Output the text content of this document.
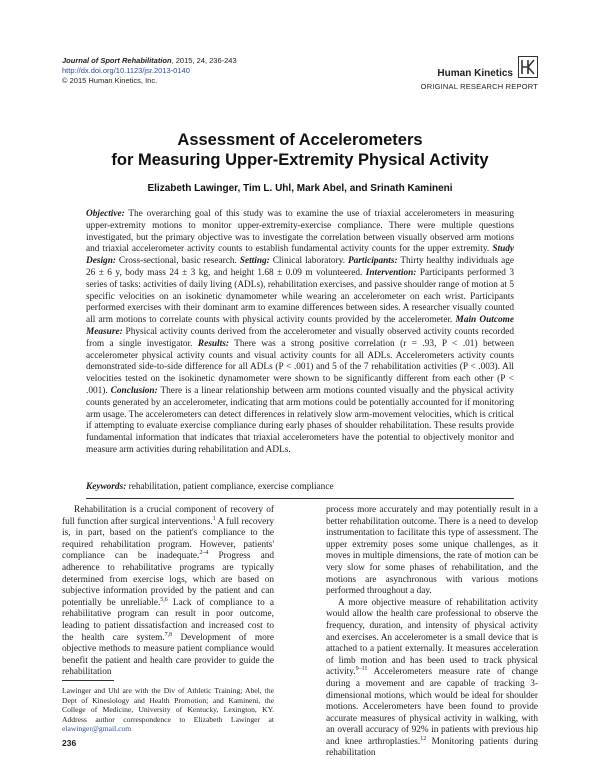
Journal of Sport Rehabilitation, 2015, 24, 236-243
http://dx.doi.org/10.1123/jsr.2013-0140
© 2015 Human Kinetics, Inc.
Human Kinetics
ORIGINAL RESEARCH REPORT
Assessment of Accelerometers
for Measuring Upper-Extremity Physical Activity
Elizabeth Lawinger, Tim L. Uhl, Mark Abel, and Srinath Kamineni
Objective: The overarching goal of this study was to examine the use of triaxial accelerometers in measuring upper-extremity motions to monitor upper-extremity-exercise compliance. There were multiple questions investigated, but the primary objective was to investigate the correlation between visually observed arm motions and triaxial accelerometer activity counts to establish fundamental activity counts for the upper extremity. Study Design: Cross-sectional, basic research. Setting: Clinical laboratory. Participants: Thirty healthy individuals age 26 ± 6 y, body mass 24 ± 3 kg, and height 1.68 ± 0.09 m volunteered. Intervention: Participants performed 3 series of tasks: activities of daily living (ADLs), rehabilitation exercises, and passive shoulder range of motion at 5 specific velocities on an isokinetic dynamometer while wearing an accelerometer on each wrist. Participants performed exercises with their dominant arm to examine differences between sides. A researcher visually counted all arm motions to correlate counts with physical activity counts provided by the accelerometer. Main Outcome Measure: Physical activity counts derived from the accelerometer and visually observed activity counts recorded from a single investigator. Results: There was a strong positive correlation (r = .93, P < .01) between accelerometer physical activity counts and visual activity counts for all ADLs. Accelerometers activity counts demonstrated side-to-side difference for all ADLs (P < .001) and 5 of the 7 rehabilitation activities (P < .003). All velocities tested on the isokinetic dynamometer were shown to be significantly different from each other (P < .001). Conclusion: There is a linear relationship between arm motions counted visually and the physical activity counts generated by an accelerometer, indicating that arm motions could be potentially accounted for if monitoring arm usage. The accelerometers can detect differences in relatively slow arm-movement velocities, which is critical if attempting to evaluate exercise compliance during early phases of shoulder rehabilitation. These results provide fundamental information that indicates that triaxial accelerometers have the potential to objectively monitor and measure arm activities during rehabilitation and ADLs.
Keywords: rehabilitation, patient compliance, exercise compliance

Rehabilitation is a crucial component of recovery of full function after surgical interventions.$^1$ A full recovery is, in part, based on the patient's compliance to the required rehabilitation program. However, patients' compliance can be inadequate.$^{2-4}$ Progress and adherence to rehabilitative programs are typically determined from exercise logs, which are based on subjective information provided by the patient and can potentially be unreliable.$^{5,6}$ Lack of compliance to a rehabilitative program can result in poor outcome, leading to patient dissatisfaction and increased cost to the health care system.$^{7,8}$ Development of more objective methods to measure patient compliance would benefit the patient and health care provider to guide the rehabilitation

process more accurately and may potentially result in a better rehabilitation outcome. There is a need to develop instrumentation to facilitate this type of assessment. The upper extremity poses some unique challenges, as it moves in multiple dimensions, the rate of motion can be very slow for some phases of rehabilitation, and the motions are asynchronous with various motions performed throughout a day.

A more objective measure of rehabilitation activity would allow the health care professional to observe the frequency, duration, and intensity of physical activity and exercises. An accelerometer is a small device that is attached to a patient externally. It measures acceleration of limb motion and has been used to track physical activity.$^{9-11}$ Accelerometers measure rate of change during a movement and are capable of tracking 3-dimensional motions, which would be ideal for shoulder motions. Accelerometers have been found to provide accurate measures of physical activity in walking, with an overall accuracy of 92% in patients with previous hip and knee arthroplasties.$^{12}$ Monitoring patients during rehabilitation

Lawinger and Uhl are with the Div of Athletic Training; Abel, the Dept of Kinesiology and Health Promotion; and Kamineni, the College of Medicine, University of Kentucky, Lexington, KY. Address author correspondence to Elizabeth Lawinger at elawinger@gmail.com
236
